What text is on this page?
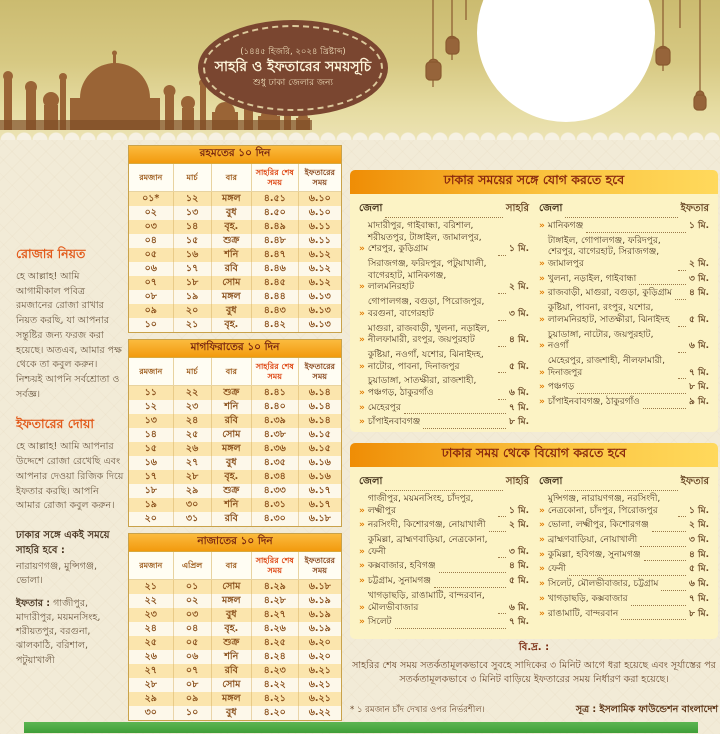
(১৪৪৫ হিজরি, ২০২৪ খ্রিষ্টাব্দ)
সাহরি ও ইফতারের সময়সূচি
শুধু ঢাকা জেলার জন্য
রোজার নিয়ত
হে আল্লাহ! আমি আগামীকাল পবিত্র রমজানের রোজা রাখার নিয়ত করছি, যা আপনার সন্তুষ্টির জন্য ফরজ করা হয়েছে। অতএব, আমার পক্ষ থেকে তা কবুল করুন। নিশ্চয়ই আপনি সর্বশ্রোতা ও সর্বজ্ঞ।
ইফতারের দোয়া
হে আল্লাহ! আমি আপনার উদ্দেশে রোজা রেখেছি এবং আপনার দেওয়া রিজিক দিয়ে ইফতার করছি। আপনি আমার রোজা কবুল করুন।
ঢাকার সঙ্গে একই সময়ে সাহরি হবে :
নারায়ণগঞ্জ, মুন্সিগঞ্জ, ভোলা।
ইফতার : গাজীপুর, মাদারীপুর, ময়মনসিংহ, শরীয়তপুর, বরগুনা, ঝালকাঠি, বরিশাল, পটুয়াখালী
রহমতের ১০ দিন
রমজান	মার্চ	বার
সাহরির শেষ সময়
ইফতারের সময়
০১*	১২	মঙ্গল	৪.৫১	৬.১০
০২	১৩	বুধ	৪.৫০	৬.১০
০৩	১৪	বৃহ.	৪.৪৯	৬.১১
০৪	১৫	শুক্র	৪.৪৮	৬.১১
০৫	১৬	শনি	৪.৪৭	৬.১২
০৬	১৭	রবি	৪.৪৬	৬.১২
০৭	১৮	সোম	৪.৪৫	৬.১২
০৮	১৯	মঙ্গল	৪.৪৪	৬.১৩
০৯	২০	বুধ	৪.৪৩	৬.১৩
১০	২১	বৃহ.	৪.৪২	৬.১৩
মাগফিরাতের ১০ দিন
রমজান	মার্চ	বার
সাহরির শেষ সময়
ইফতারের সময়
১১	২২	শুক্র	৪.৪১	৬.১৪
১২	২৩	শনি	৪.৪০	৬.১৪
১৩	২৪	রবি	৪.৩৯	৬.১৪
১৪	২৫	সোম	৪.৩৮	৬.১৫
১৫	২৬	মঙ্গল	৪.৩৬	৬.১৫
১৬	২৭	বুধ	৪.৩৫	৬.১৬
১৭	২৮	বৃহ.	৪.৩৪	৬.১৬
১৮	২৯	শুক্র	৪.৩৩	৬.১৭
১৯	৩০	শনি	৪.৩১	৬.১৭
২০	৩১	রবি	৪.৩০	৬.১৮
নাজাতের ১০ দিন
রমজান	এপ্রিল	বার
সাহরির শেষ সময়
ইফতারের সময়
২১	০১	সোম	৪.২৯	৬.১৮
২২	০২	মঙ্গল	৪.২৮	৬.১৯
২৩	০৩	বুধ	৪.২৭	৬.১৯
২৪	০৪	বৃহ.	৪.২৬	৬.১৯
২৫	০৫	শুক্র	৪.২৫	৬.২০
২৬	০৬	শনি	৪.২৪	৬.২০
২৭	০৭	রবি	৪.২৩	৬.২১
২৮	০৮	সোম	৪.২২	৬.২১
২৯	০৯	মঙ্গল	৪.২১	৬.২১
৩০	১০	বুধ	৪.২০	৬.২২
ঢাকার সময়ের সঙ্গে যোগ করতে হবে
জেলা	সাহরি
»
মাদারীপুর, গাইবান্ধা, বরিশাল, শরীয়তপুর, টাঙ্গাইল, জামালপুর, শেরপুর, কুড়িগ্রাম	১ মি.
»
সিরাজগঞ্জ, ফরিদপুর, পটুয়াখালী, বাগেরহাট, মানিকগঞ্জ, লালমনিরহাট	২ মি.
»
গোপালগঞ্জ, বগুড়া, পিরোজপুর, বরগুনা, বাগেরহাট	৩ মি.
»
মাগুরা, রাজবাড়ী, খুলনা, নড়াইল, নীলফামারী, রংপুর, জয়পুরহাট	৪ মি.
»
কুষ্টিয়া, নওগাঁ, যশোর, ঝিনাইদহ, নাটোর, পাবনা, দিনাজপুর	৫ মি.
»
চুয়াডাঙ্গা, সাতক্ষীরা, রাজশাহী, পঞ্চগড়, ঠাকুরগাঁও	৬ মি.
» মেহেরপুর	৭ মি.
» চাঁপাইনবাবগঞ্জ	৮ মি.
জেলা	ইফতার
» মানিকগঞ্জ	১ মি.
»
টাঙ্গাইল, গোপালগঞ্জ, ফরিদপুর, শেরপুর, বাগেরহাট, সিরাজগঞ্জ, জামালপুর	২ মি.
» খুলনা, নড়াইল, গাইবান্ধা	৩ মি.
» রাজবাড়ী, মাগুরা, বগুড়া, কুড়িগ্রাম ৪ মি.
»
কুষ্টিয়া, পাবনা, রংপুর, যশোর, লালমনিরহাট, সাতক্ষীরা, ঝিনাইদহ	৫ মি.
»
চুয়াডাঙ্গা, নাটোর, জয়পুরহাট, নওগাঁ	৬ মি.
»
মেহেরপুর, রাজশাহী, নীলফামারী, দিনাজপুর	৭ মি.
» পঞ্চগড়	৮ মি.
» চাঁপাইনবাবগঞ্জ, ঠাকুরগাঁও	৯ মি.
ঢাকার সময় থেকে বিয়োগ করতে হবে
জেলা	সাহরি
»
গাজীপুর, ময়মনসিংহ, চাঁদপুর, লক্ষ্মীপুর	১ মি.
» নরসিংদী, কিশোরগঞ্জ, নোয়াখালী	২ মি.
»
কুমিল্লা, ব্রাহ্মণবাড়িয়া, নেত্রকোনা, ফেনী	৩ মি.
» কক্সবাজার, হবিগঞ্জ	৪ মি.
» চট্টগ্রাম, সুনামগঞ্জ	৫ মি.
»
খাগড়াছড়ি, রাঙামাটি, বান্দরবান, মৌলভীবাজার	৬ মি.
» সিলেট	৭ মি.
জেলা	ইফতার
»
মুন্সিগঞ্জ, নারায়ণগঞ্জ, নরসিংদী, নেত্রকোনা, চাঁদপুর, পিরোজপুর	১ মি.
» ভোলা, লক্ষ্মীপুর, কিশোরগঞ্জ	২ মি.
» ব্রাহ্মণবাড়িয়া, নোয়াখালী	৩ মি.
» কুমিল্লা, হবিগঞ্জ, সুনামগঞ্জ	৪ মি.
» ফেনী	৫ মি.
» সিলেট, মৌলভীবাজার, চট্টগ্রাম	৬ মি.
» খাগড়াছড়ি, কক্সবাজার	৭ মি.
» রাঙামাটি, বান্দরবান	৮ মি.
বি.দ্র. :
সাহরির শেষ সময় সতর্কতামূলকভাবে সুবহে সাদিকের ৩ মিনিট আগে ধরা হয়েছে এবং সূর্যাস্তের পর সতর্কতামূলকভাবে ৩ মিনিট বাড়িয়ে ইফতারের সময় নির্ধারণ করা হয়েছে।
* ১ রমজান চাঁদ দেখার ওপর নির্ভরশীল।	সূত্র : ইসলামিক ফাউন্ডেশন বাংলাদেশ
